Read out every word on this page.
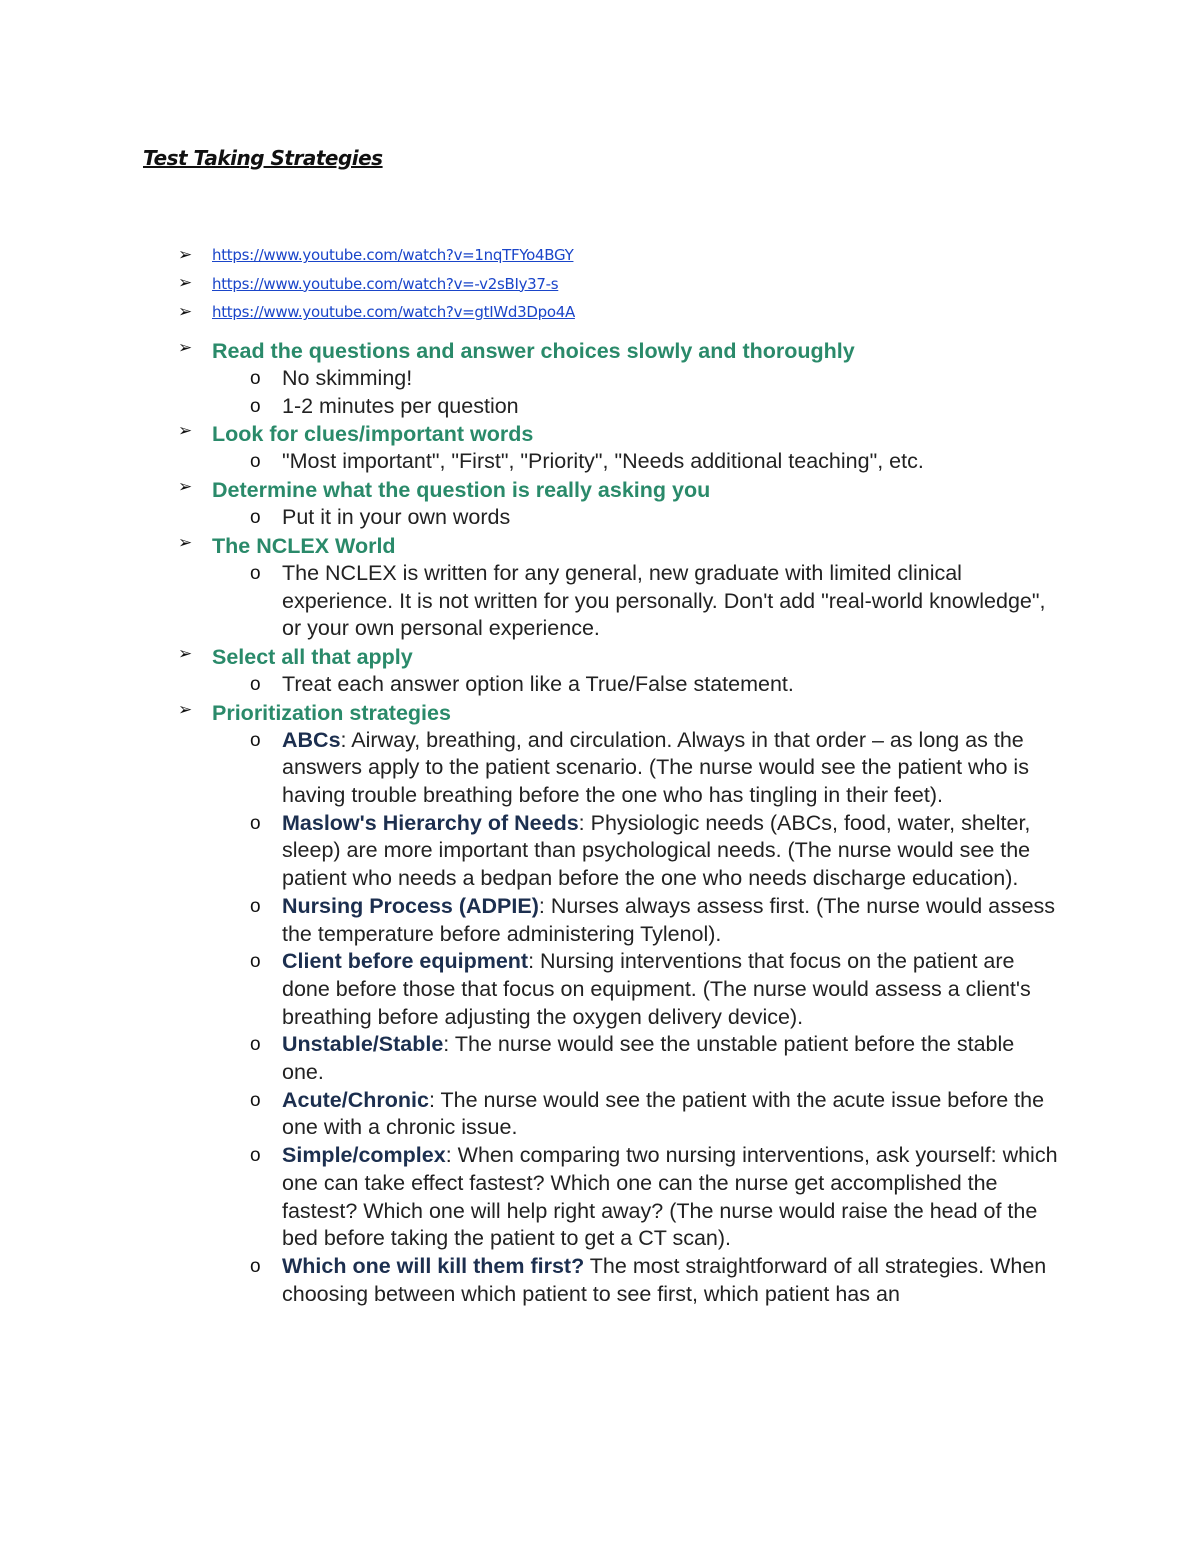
Test Taking Strategies
➢	https://www.youtube.com/watch?v=1nqTFYo4BGY
➢	https://www.youtube.com/watch?v=-v2sBIy37-s
➢	https://www.youtube.com/watch?v=gtIWd3Dpo4A
➢ Read the questions and answer choices slowly and thoroughly
o No skimming!
o 1-2 minutes per question
➢ Look for clues/important words
o "Most important", "First", "Priority", "Needs additional teaching", etc.
➢ Determine what the question is really asking you
o Put it in your own words
➢ The NCLEX World
o The NCLEX is written for any general, new graduate with limited clinical experience. It is not written for you personally. Don't add "real-world knowledge", or your own personal experience.
➢ Select all that apply
o Treat each answer option like a True/False statement.
➢ Prioritization strategies
o ABCs: Airway, breathing, and circulation. Always in that order – as long as the answers apply to the patient scenario. (The nurse would see the patient who is having trouble breathing before the one who has tingling in their feet).
o Maslow's Hierarchy of Needs: Physiologic needs (ABCs, food, water, shelter, sleep) are more important than psychological needs. (The nurse would see the patient who needs a bedpan before the one who needs discharge education).
o Nursing Process (ADPIE): Nurses always assess first. (The nurse would assess the temperature before administering Tylenol).
o Client before equipment: Nursing interventions that focus on the patient are done before those that focus on equipment. (The nurse would assess a client's breathing before adjusting the oxygen delivery device).
o Unstable/Stable: The nurse would see the unstable patient before the stable one.
o Acute/Chronic: The nurse would see the patient with the acute issue before the one with a chronic issue.
o Simple/complex: When comparing two nursing interventions, ask yourself: which one can take effect fastest? Which one can the nurse get accomplished the fastest? Which one will help right away? (The nurse would raise the head of the bed before taking the patient to get a CT scan).
o Which one will kill them first? The most straightforward of all strategies. When choosing between which patient to see first, which patient has an
